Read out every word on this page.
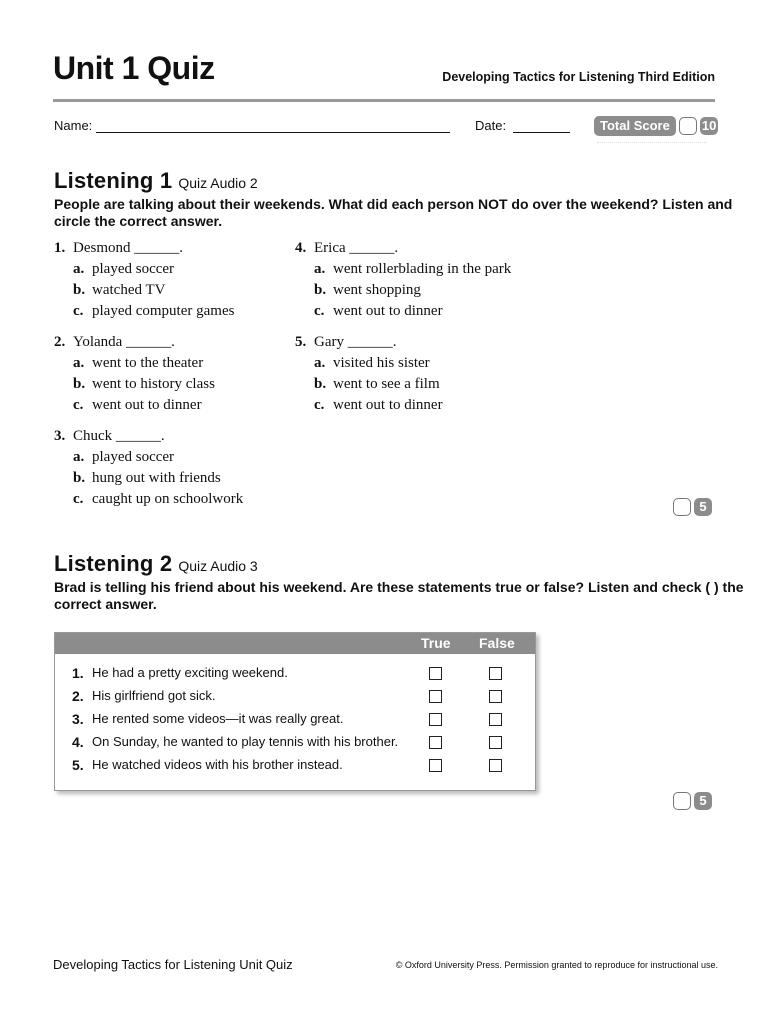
Unit 1 Quiz	Developing Tactics for Listening Third Edition
Name:	Date:	Total Score	10
Listening 1 Quiz Audio 2
People are talking about their weekends. What did each person NOT do over the weekend? Listen and circle the correct answer.
1. Desmond ______.
a. played soccer
b. watched TV
c. played computer games
2. Yolanda ______.
a. went to the theater
b. went to history class
c. went out to dinner
3. Chuck ______.
a. played soccer
b. hung out with friends
c. caught up on schoolwork
4. Erica ______.
a. went rollerblading in the park
b. went shopping
c. went out to dinner
5. Gary ______.
a. visited his sister
b. went to see a film
c. went out to dinner
5
Listening 2 Quiz Audio 3
Brad is telling his friend about his weekend. Are these statements true or false? Listen and check ( ) the correct answer.
True False
1. He had a pretty exciting weekend.
2. His girlfriend got sick.
3. He rented some videos—it was really great.
4. On Sunday, he wanted to play tennis with his brother.
5. He watched videos with his brother instead.
5
Developing Tactics for Listening Unit Quiz	© Oxford University Press. Permission granted to reproduce for instructional use.
